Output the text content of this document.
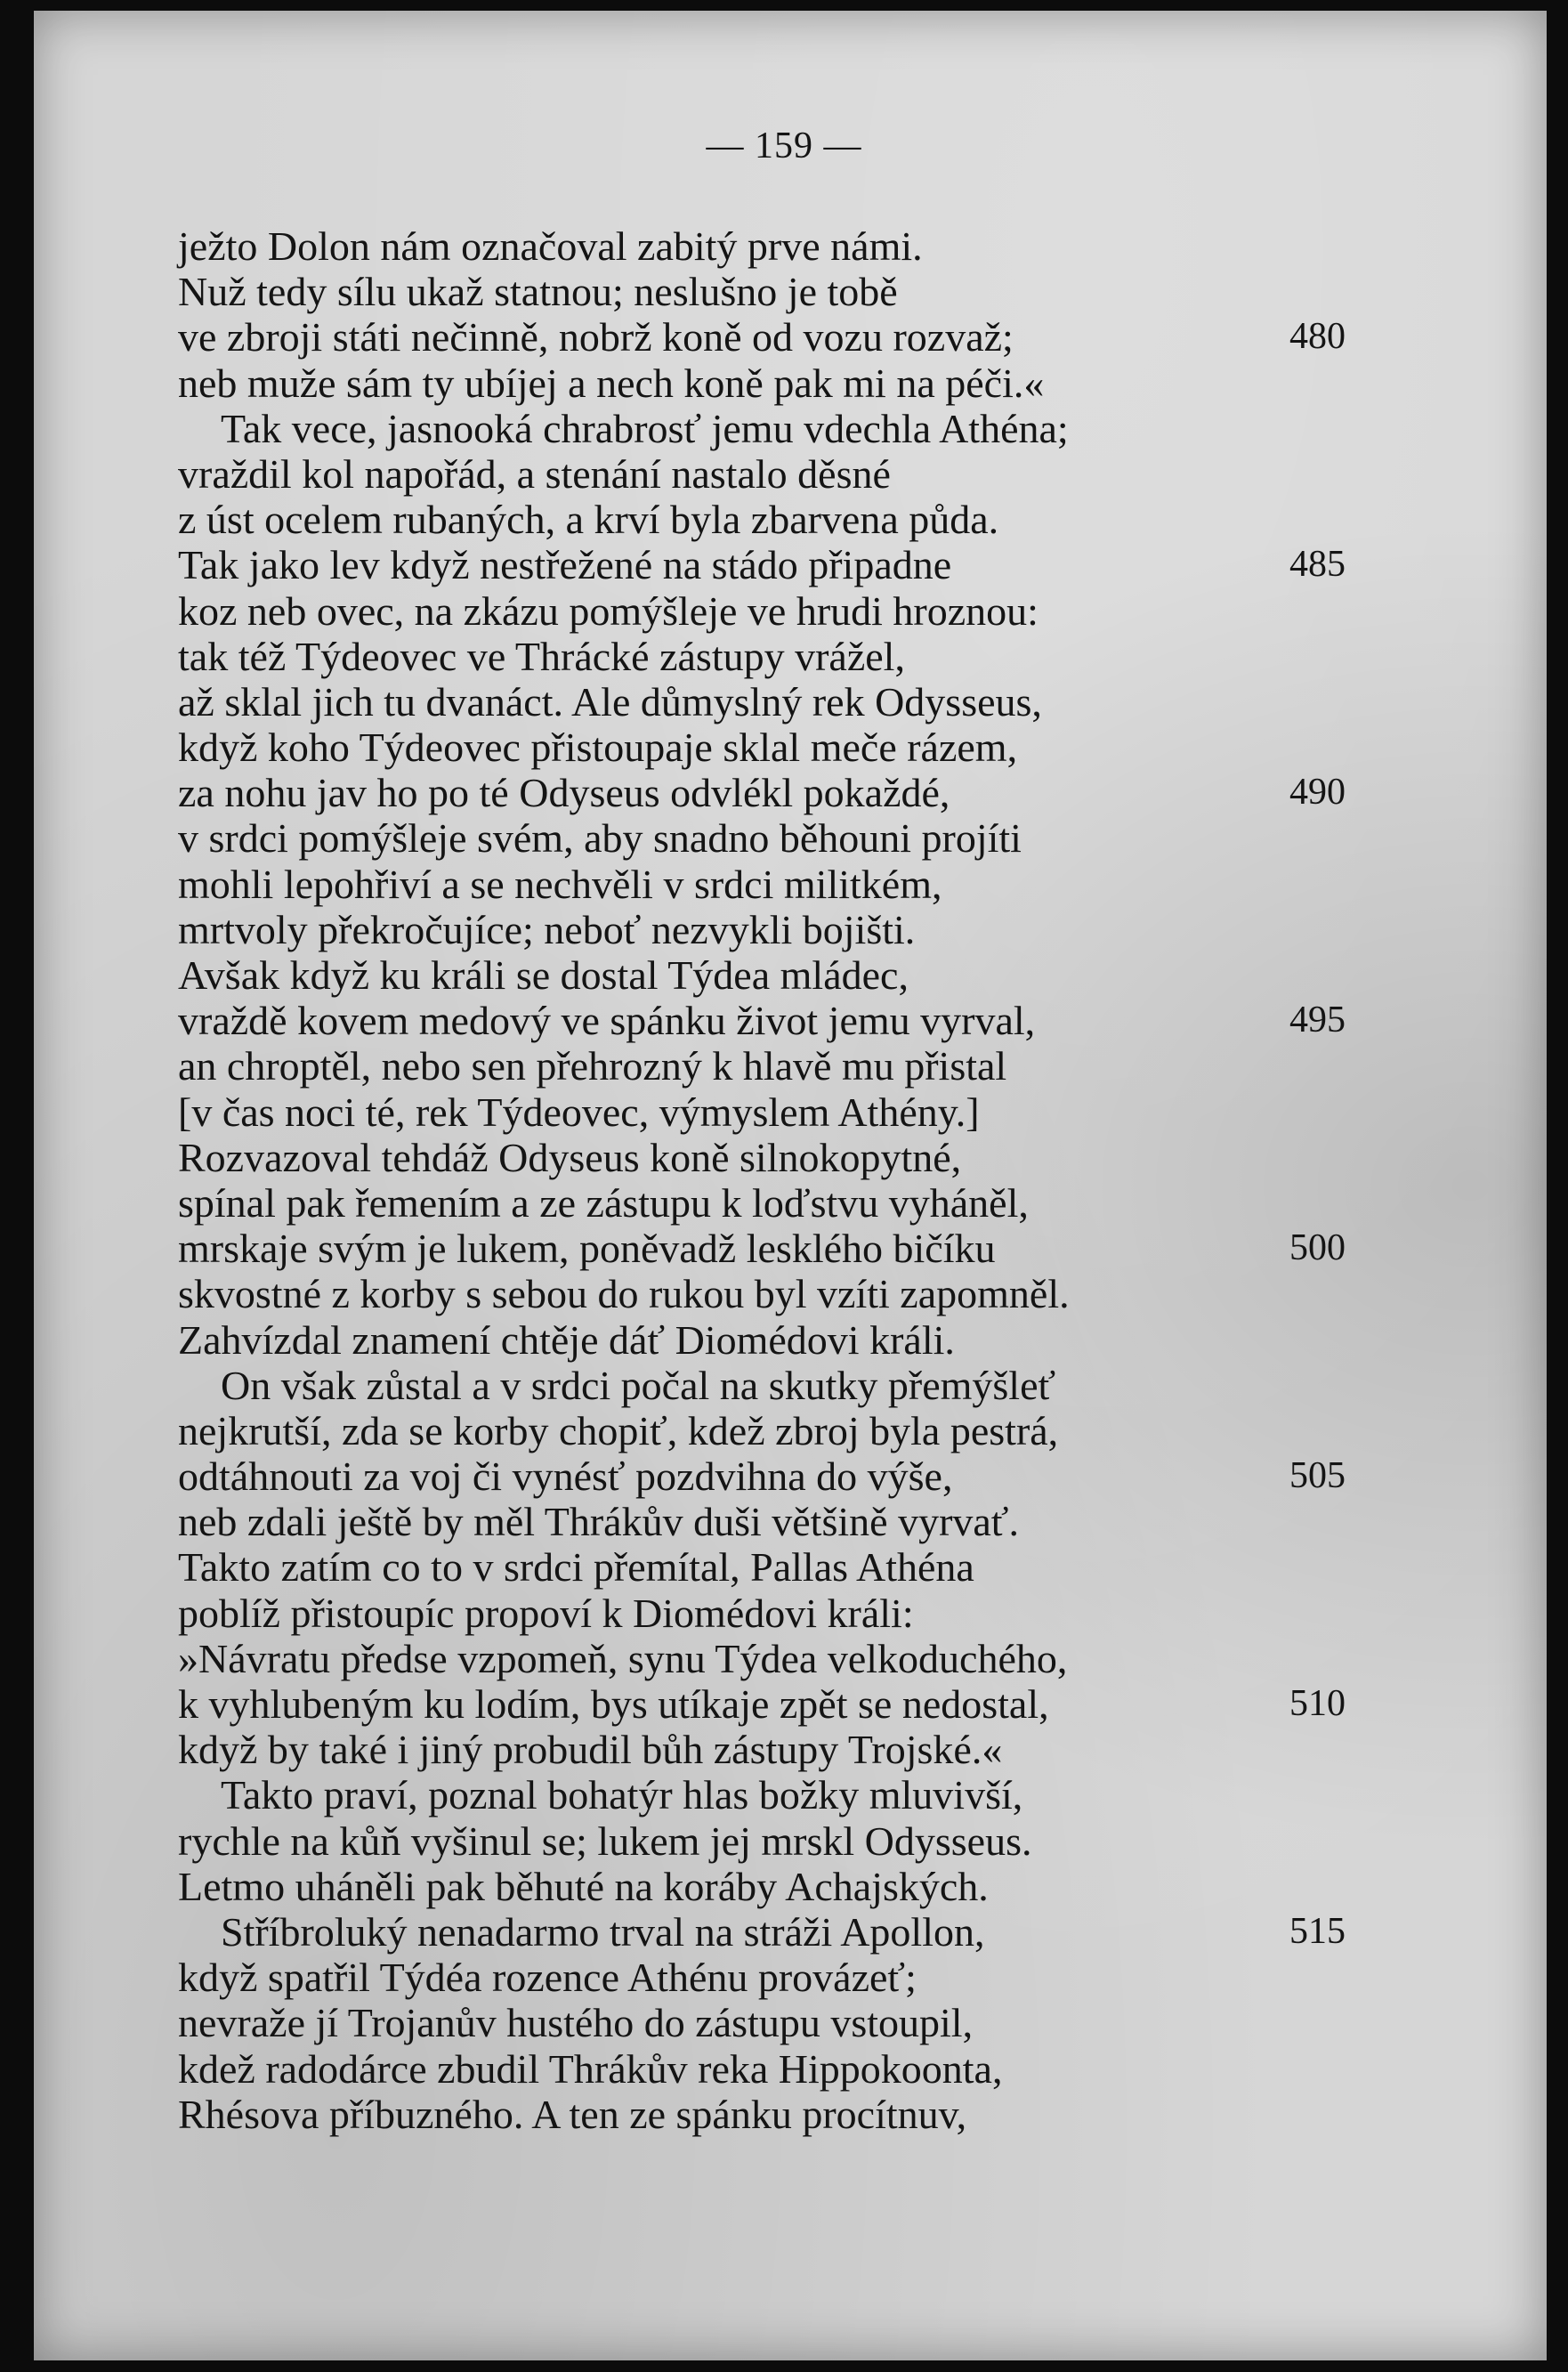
— 159 —
ježto Dolon nám označoval zabitý prve námi.
Nuž tedy sílu ukaž statnou; neslušno je tobě
ve zbroji státi nečinně, nobrž koně od vozu rozvaž;	480
neb muže sám ty ubíjej a nech koně pak mi na péči.«
Tak vece, jasnooká chrabrosť jemu vdechla Athéna;
vraždil kol napořád, a stenání nastalo děsné
z úst ocelem rubaných, a krví byla zbarvena půda.
Tak jako lev když nestřežené na stádo připadne	485
koz neb ovec, na zkázu pomýšleje ve hrudi hroznou:
tak též Týdeovec ve Thrácké zástupy vrážel,
až sklal jich tu dvanáct. Ale důmyslný rek Odysseus,
když koho Týdeovec přistoupaje sklal meče rázem,
za nohu jav ho po té Odyseus odvlékl pokaždé,	490
v srdci pomýšleje svém, aby snadno běhouni projíti
mohli lepohřiví a se nechvěli v srdci militkém,
mrtvoly překročujíce; neboť nezvykli bojišti.
Avšak když ku králi se dostal Týdea mládec,
vraždě kovem medový ve spánku život jemu vyrval,	495
an chroptěl, nebo sen přehrozný k hlavě mu přistal
[v čas noci té, rek Týdeovec, výmyslem Athény.]
Rozvazoval tehdáž Odyseus koně silnokopytné,
spínal pak řemením a ze zástupu k loďstvu vyháněl,
mrskaje svým je lukem, poněvadž lesklého bičíku	500
skvostné z korby s sebou do rukou byl vzíti zapomněl.
Zahvízdal znamení chtěje dáť Diomédovi králi.
On však zůstal a v srdci počal na skutky přemýšleť
nejkrutší, zda se korby chopiť, kdež zbroj byla pestrá,
odtáhnouti za voj či vynésť pozdvihna do výše,	505
neb zdali ještě by měl Thrákův duši většině vyrvať.
Takto zatím co to v srdci přemítal, Pallas Athéna
poblíž přistoupíc propoví k Diomédovi králi:
»Návratu předse vzpomeň, synu Týdea velkoduchého,
k vyhlubeným ku lodím, bys utíkaje zpět se nedostal,	510
když by také i jiný probudil bůh zástupy Trojské.«
Takto praví, poznal bohatýr hlas božky mluvivší,
rychle na kůň vyšinul se; lukem jej mrskl Odysseus.
Letmo uháněli pak běhuté na koráby Achajských.
Stříbroluký nenadarmo trval na stráži Apollon,	515
když spatřil Týdéa rozence Athénu provázeť;
nevraže jí Trojanův hustého do zástupu vstoupil,
kdež radodárce zbudil Thrákův reka Hippokoonta,
Rhésova příbuzného. A ten ze spánku procítnuv,
